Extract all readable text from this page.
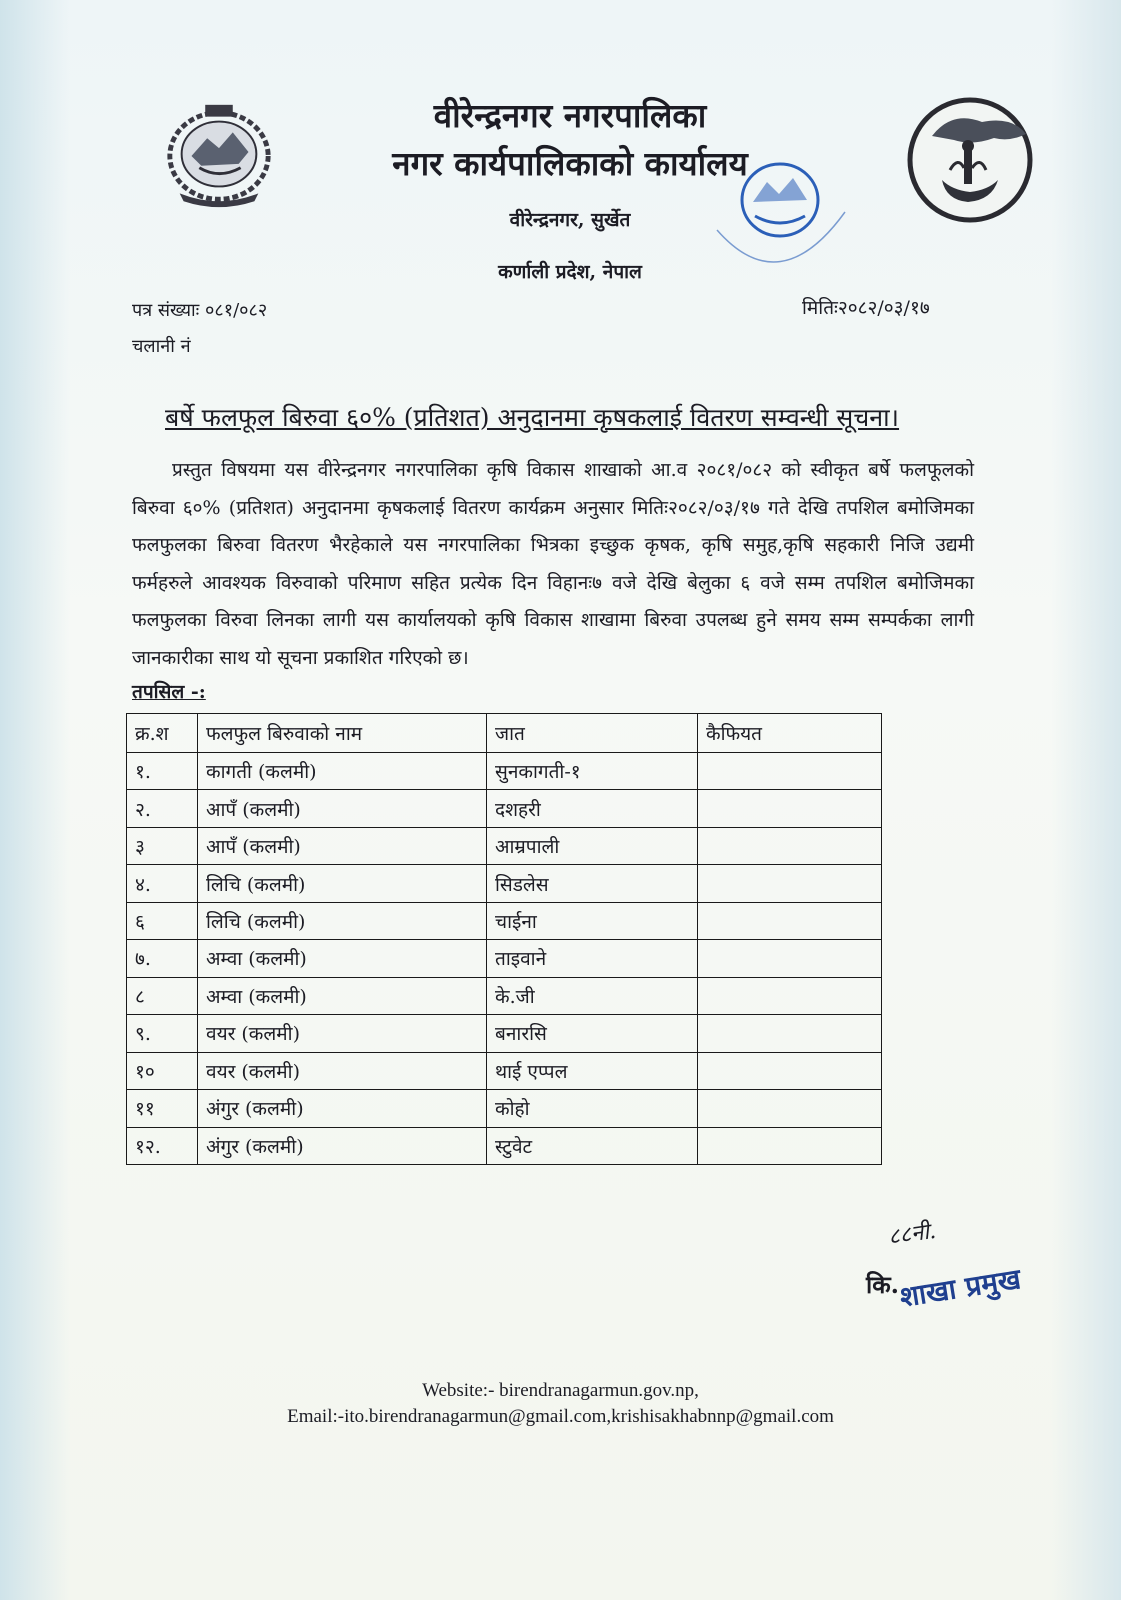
वीरेन्द्रनगर नगरपालिका
नगर कार्यपालिकाको कार्यालय
वीरेन्द्रनगर, सुर्खेत
कर्णाली प्रदेश, नेपाल
पत्र संख्याः ०८१/०८२
चलानी नं
मितिः२०८२/०३/१७
बर्षे फलफूल बिरुवा ६०% (प्रतिशत) अनुदानमा कृषकलाई वितरण सम्वन्धी सूचना।

प्रस्तुत विषयमा यस वीरेन्द्रनगर नगरपालिका कृषि विकास शाखाको आ.व २०८१/०८२ को स्वीकृत बर्षे फलफूलको बिरुवा ६०% (प्रतिशत) अनुदानमा कृषकलाई वितरण कार्यक्रम अनुसार मितिः२०८२/०३/१७ गते देखि तपशिल बमोजिमका फलफुलका बिरुवा वितरण भैरहेकाले यस नगरपालिका भित्रका इच्छुक कृषक, कृषि समुह,कृषि सहकारी निजि उद्यमी फर्महरुले आवश्यक विरुवाको परिमाण सहित प्रत्येक दिन विहानः७ वजे देखि बेलुका ६ वजे सम्म तपशिल बमोजिमका फलफुलका विरुवा लिनका लागी यस कार्यालयको कृषि विकास शाखामा बिरुवा उपलब्ध हुने समय सम्म सम्पर्कका लागी जानकारीका साथ यो सूचना प्रकाशित गरिएको छ।

तपसिल -:
क्र.श	फलफुल बिरुवाको नाम	जात	कैफियत
१.	कागती (कलमी)	सुनकागती-१	
२.	आपँ (कलमी)	दशहरी	
३	आपँ (कलमी)	आम्रपाली	
४.	लिचि (कलमी)	सिडलेस	
६	लिचि (कलमी)	चाईना	
७.	अम्वा (कलमी)	ताइवाने	
८	अम्वा (कलमी)	के.जी	
९.	वयर (कलमी)	बनारसि	
१०	वयर (कलमी)	थाई एप्पल	
११	अंगुर (कलमी)	कोहो	
१२.	अंगुर (कलमी)	स्टुवेट	
८८नी.
कि.
शाखा प्रमुख
Website:- birendranagarmun.gov.np,
Email:-ito.birendranagarmun@gmail.com,krishisakhabnnp@gmail.com
